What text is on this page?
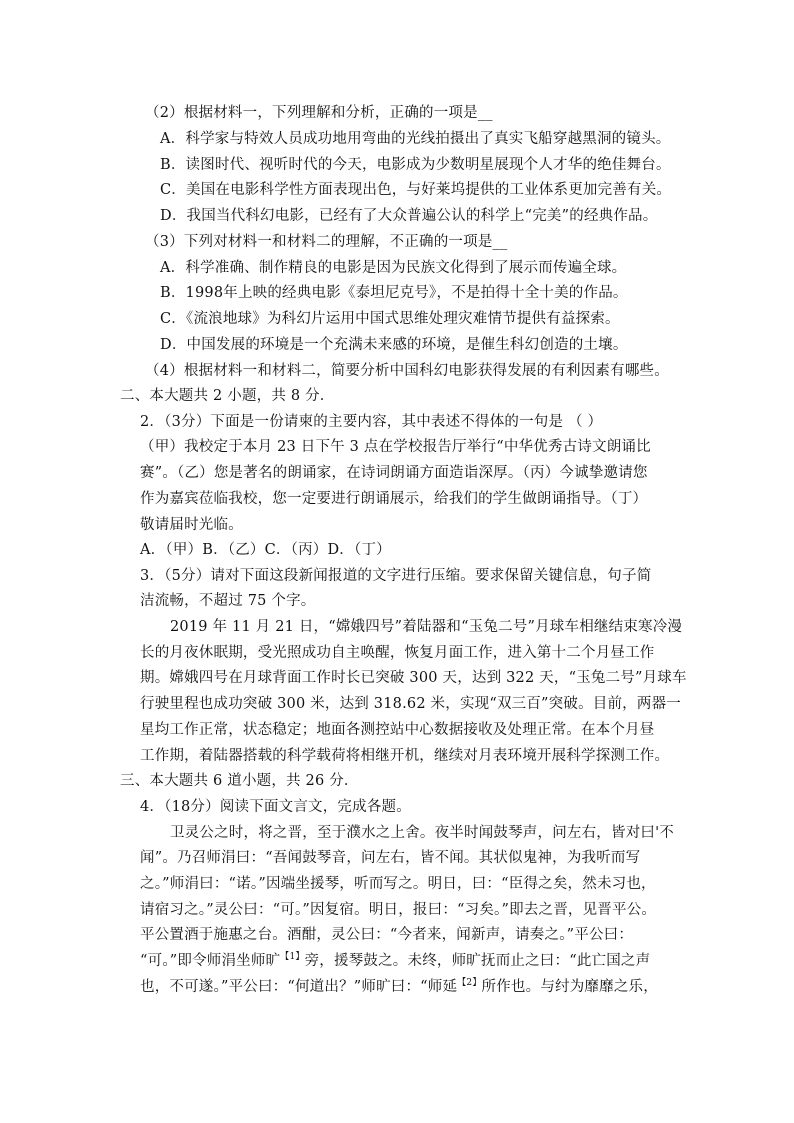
（2）根据材料一，下列理解和分析，正确的一项是__
A．科学家与特效人员成功地用弯曲的光线拍摄出了真实飞船穿越黑洞的镜头。
B．读图时代、视听时代的今天，电影成为少数明星展现个人才华的绝佳舞台。
C．美国在电影科学性方面表现出色，与好莱坞提供的工业体系更加完善有关。
D．我国当代科幻电影，已经有了大众普遍公认的科学上“完美”的经典作品。
（3）下列对材料一和材料二的理解，不正确的一项是__
A．科学准确、制作精良的电影是因为民族文化得到了展示而传遍全球。
B．1998年上映的经典电影《泰坦尼克号》，不是拍得十全十美的作品。
C．《流浪地球》为科幻片运用中国式思维处理灾难情节提供有益探索。
D．中国发展的环境是一个充满未来感的环境，是催生科幻创造的土壤。
（4）根据材料一和材料二，简要分析中国科幻电影获得发展的有利因素有哪些。
二、本大题共 2 小题，共 8 分．
2．（3分）下面是一份请柬的主要内容，其中表述不得体的一句是 （ ）
（甲）我校定于本月 23 日下午 3 点在学校报告厅举行“中华优秀古诗文朗诵比
赛”。（乙）您是著名的朗诵家，在诗词朗诵方面造诣深厚。（丙）今诚挚邀请您
作为嘉宾莅临我校，您一定要进行朗诵展示，给我们的学生做朗诵指导。（丁）
敬请届时光临。
A．（甲）B．（乙）C．（丙）D．（丁）
3．（5分）请对下面这段新闻报道的文字进行压缩。要求保留关键信息，句子简
洁流畅，不超过 75 个字。
2019 年 11 月 21 日，“嫦娥四号”着陆器和“玉兔二号”月球车相继结束寒冷漫
长的月夜休眠期，受光照成功自主唤醒，恢复月面工作，进入第十二个月昼工作
期。嫦娥四号在月球背面工作时长已突破 300 天，达到 322 天，“玉兔二号”月球车
行驶里程也成功突破 300 米，达到 318.62 米，实现“双三百”突破。目前，两器一
星均工作正常，状态稳定；地面各测控站中心数据接收及处理正常。在本个月昼
工作期，着陆器搭载的科学载荷将相继开机，继续对月表环境开展科学探测工作。
三、本大题共 6 道小题，共 26 分．
4．（18分）阅读下面文言文，完成各题。
卫灵公之时，将之晋，至于濮水之上舍。夜半时闻鼓琴声，问左右，皆对曰'不
闻”。乃召师涓曰：“吾闻鼓琴音，问左右，皆不闻。其状似鬼神，为我听而写
之。”师涓曰：“诺。”因端坐援琴，听而写之。明日，曰：“臣得之矣，然未习也，
请宿习之。”灵公曰：“可。”因复宿。明日，报曰：“习矣。”即去之晋，见晋平公。
平公置酒于施惠之台。酒酣，灵公曰：“今者来，闻新声，请奏之。”平公曰：
“可。”即令师涓坐师旷$^{【1】}$旁，援琴鼓之。未终，师旷抚而止之曰：“此亡国之声
也，不可遂。”平公曰：“何道出？”师旷曰：“师延$^{【2】}$所作也。与纣为靡靡之乐，
